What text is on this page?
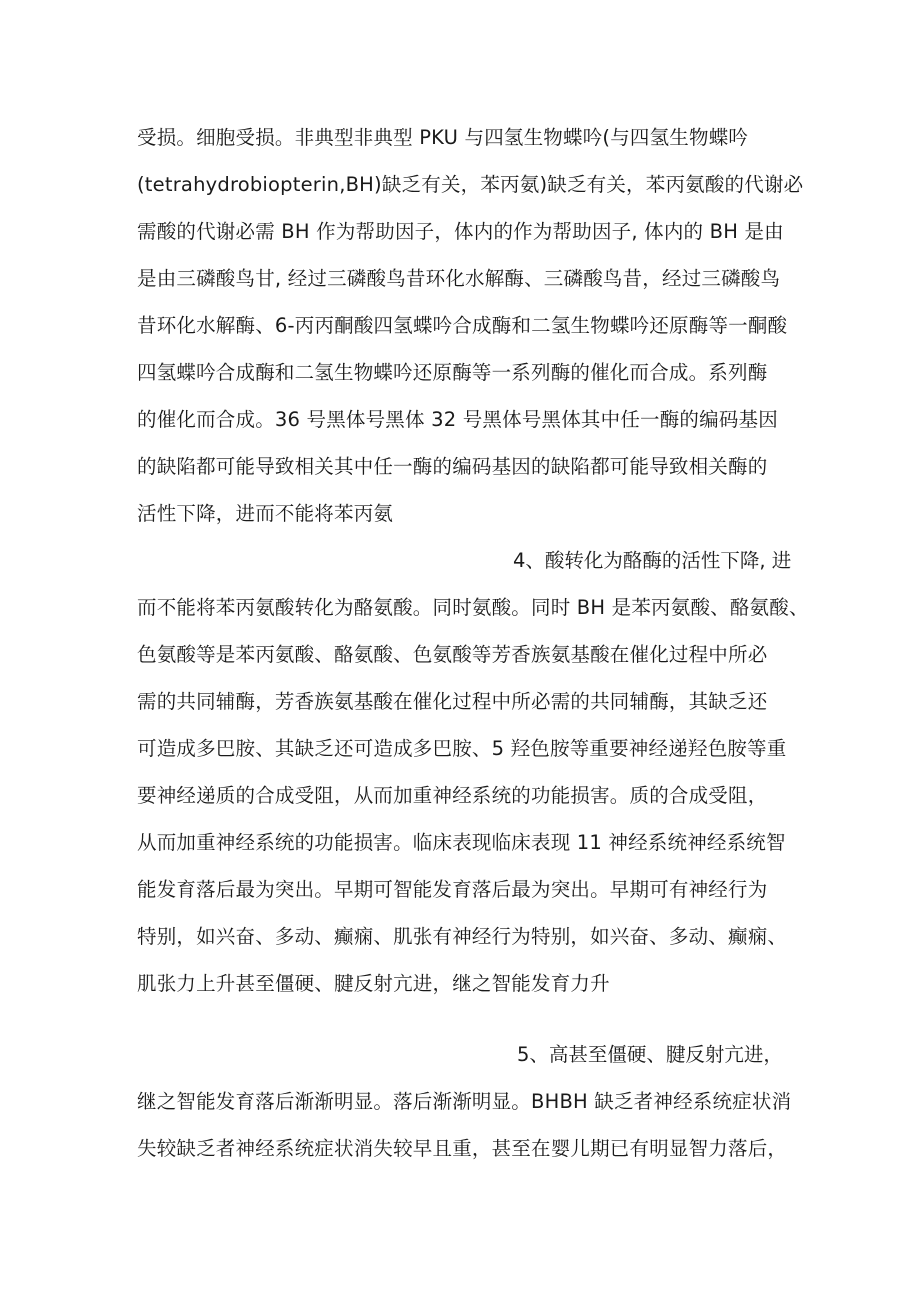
受损。细胞受损。非典型非典型 PKU 与四氢生物蝶吟(与四氢生物蝶吟
(tetrahydrobiopterin,BH)缺乏有关，苯丙氨)缺乏有关，苯丙氨酸的代谢必
需酸的代谢必需 BH 作为帮助因子，体内的作为帮助因子, 体内的 BH 是由
是由三磷酸鸟甘, 经过三磷酸鸟昔环化水解酶、三磷酸鸟昔，经过三磷酸鸟
昔环化水解酶、6-丙丙酮酸四氢蝶吟合成酶和二氢生物蝶吟还原酶等一酮酸
四氢蝶吟合成酶和二氢生物蝶吟还原酶等一系列酶的催化而合成。系列酶
的催化而合成。36 号黑体号黑体 32 号黑体号黑体其中任一酶的编码基因
的缺陷都可能导致相关其中任一酶的编码基因的缺陷都可能导致相关酶的
活性下降，进而不能将苯丙氨
4、酸转化为酪酶的活性下降, 进
而不能将苯丙氨酸转化为酪氨酸。同时氨酸。同时 BH 是苯丙氨酸、酪氨酸、
色氨酸等是苯丙氨酸、酪氨酸、色氨酸等芳香族氨基酸在催化过程中所必
需的共同辅酶，芳香族氨基酸在催化过程中所必需的共同辅酶，其缺乏还
可造成多巴胺、其缺乏还可造成多巴胺、5 羟色胺等重要神经递羟色胺等重
要神经递质的合成受阻，从而加重神经系统的功能损害。质的合成受阻，
从而加重神经系统的功能损害。临床表现临床表现 11 神经系统神经系统智
能发育落后最为突出。早期可智能发育落后最为突出。早期可有神经行为
特别，如兴奋、多动、癫痫、肌张有神经行为特别，如兴奋、多动、癫痫、
肌张力上升甚至僵硬、腱反射亢进，继之智能发育力升
5、高甚至僵硬、腱反射亢进，
继之智能发育落后渐渐明显。落后渐渐明显。BHBH 缺乏者神经系统症状消
失较缺乏者神经系统症状消失较早且重，甚至在婴儿期已有明显智力落后，
